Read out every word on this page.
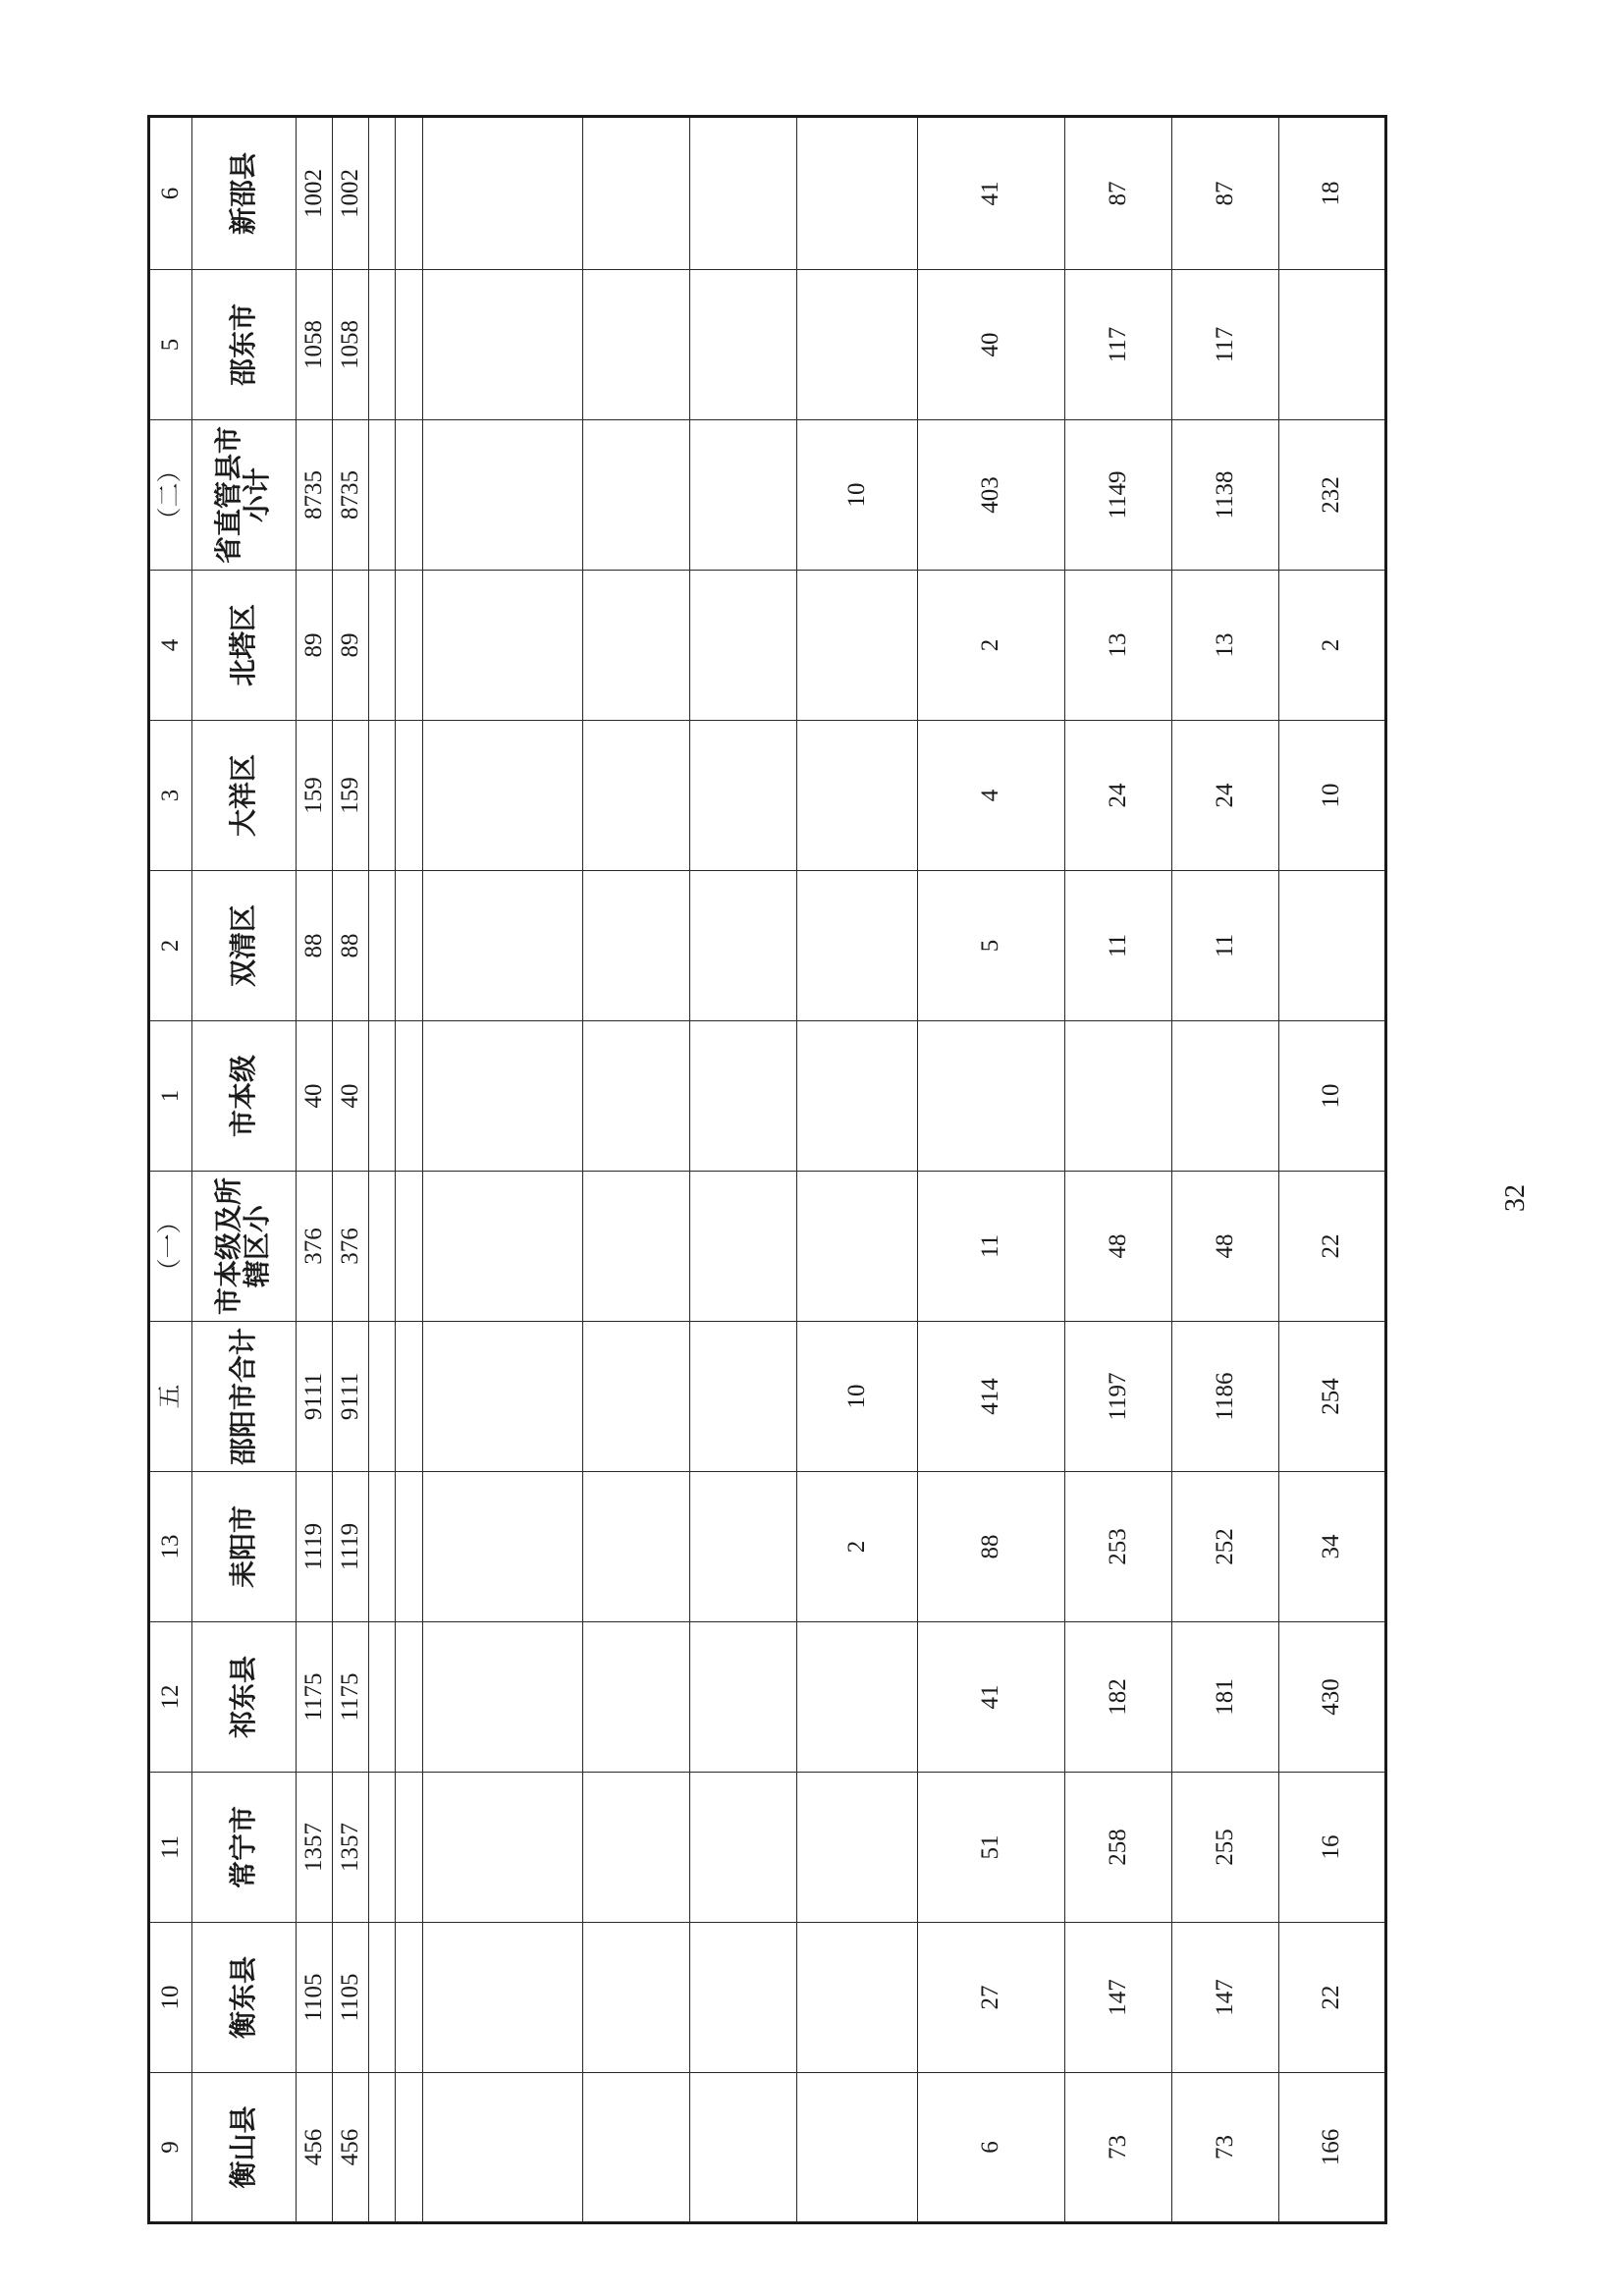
9	10	11	12	13	五	（一）	1	2	3	4	（二）	5	6
衡山县	衡东县	常宁市	祁东县	耒阳市	邵阳市合计	市本级及所辖区小	市本级	双清区	大祥区	北塔区	省直管县市小计	邵东市	新邵县
456	1105	1357	1175	1119	9111	376	40	88	159	89	8735	1058	1002
456	1105	1357	1175	1119	9111	376	40	88	159	89	8735	1058	1002

				2	10						10		
6	27	51	41	88	414	11		5	4	2	403	40	41
73	147	258	182	253	1197	48		11	24	13	1149	117	87
73	147	255	181	252	1186	48		11	24	13	1138	117	87
166	22	16	430	34	254	22	10		10	2	232		18
32
